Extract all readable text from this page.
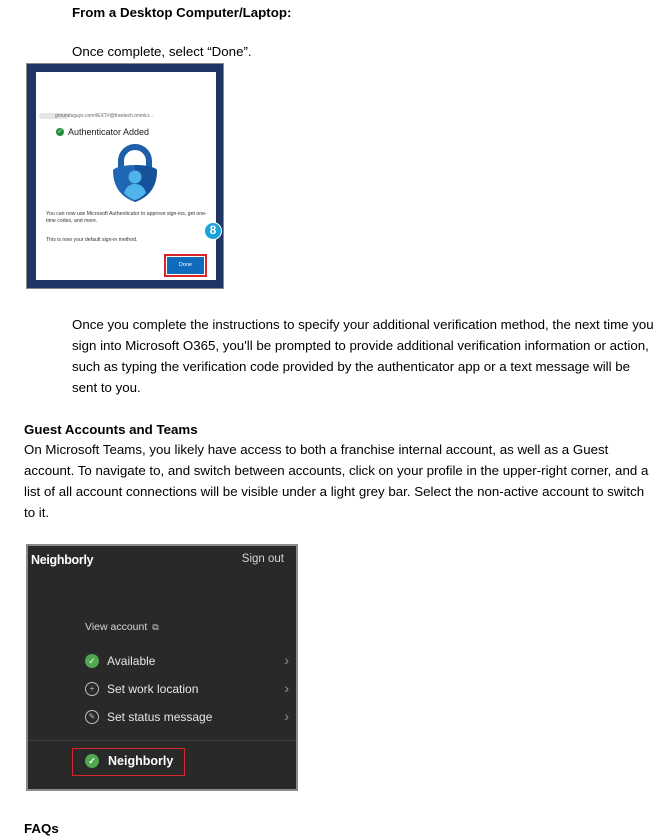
From a Desktop Computer/Laptop:
Once complete, select “Done”.
groundsguys.com#EXT#@frantech.onmicr...
✓ Authenticator Added
You can now use Microsoft Authenticator to approve sign-ins, get one-time codes, and more.
This is now your default sign-in method.
8
Done
Once you complete the instructions to specify your additional verification method, the next time you sign into Microsoft O365, you'll be prompted to provide additional verification information or action, such as typing the verification code provided by the authenticator app or a text message will be sent to you.
Guest Accounts and Teams
On Microsoft Teams, you likely have access to both a franchise internal account, as well as a Guest account. To navigate to, and switch between accounts, click on your profile in the upper-right corner, and a list of all account connections will be visible under a light grey bar. Select the non-active account to switch to it.
Neighborly	Sign out
View account ⧉
✓ Available	›
+	Set work location	›
✎ Set status message	›
✓ Neighborly
FAQs
